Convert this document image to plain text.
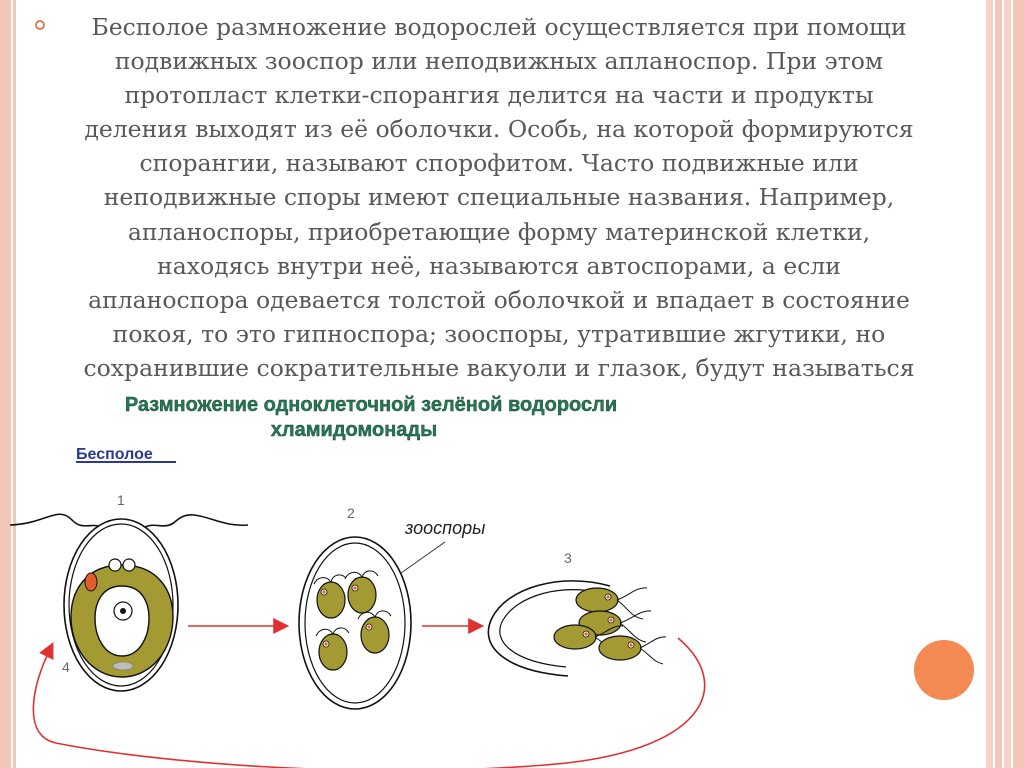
Бесполое размножение водорослей осуществляется при помощи
подвижных зооспор или неподвижных апланоспор. При этом
протопласт клетки-спорангия делится на части и продукты
деления выходят из её оболочки. Особь, на которой формируются
спорангии, называют спорофитом. Часто подвижные или
неподвижные споры имеют специальные названия. Например,
апланоспоры, приобретающие форму материнской клетки,
находясь внутри неё, называются автоспорами, а если
апланоспора одевается толстой оболочкой и впадает в состояние
покоя, то это гипноспора; зооспоры, утратившие жгутики, но
сохранившие сократительные вакуоли и глазок, будут называться

Размножение одноклеточной зелёной водоросли
хламидомонады
Бесполое
1
2
3
4
зооспоры
